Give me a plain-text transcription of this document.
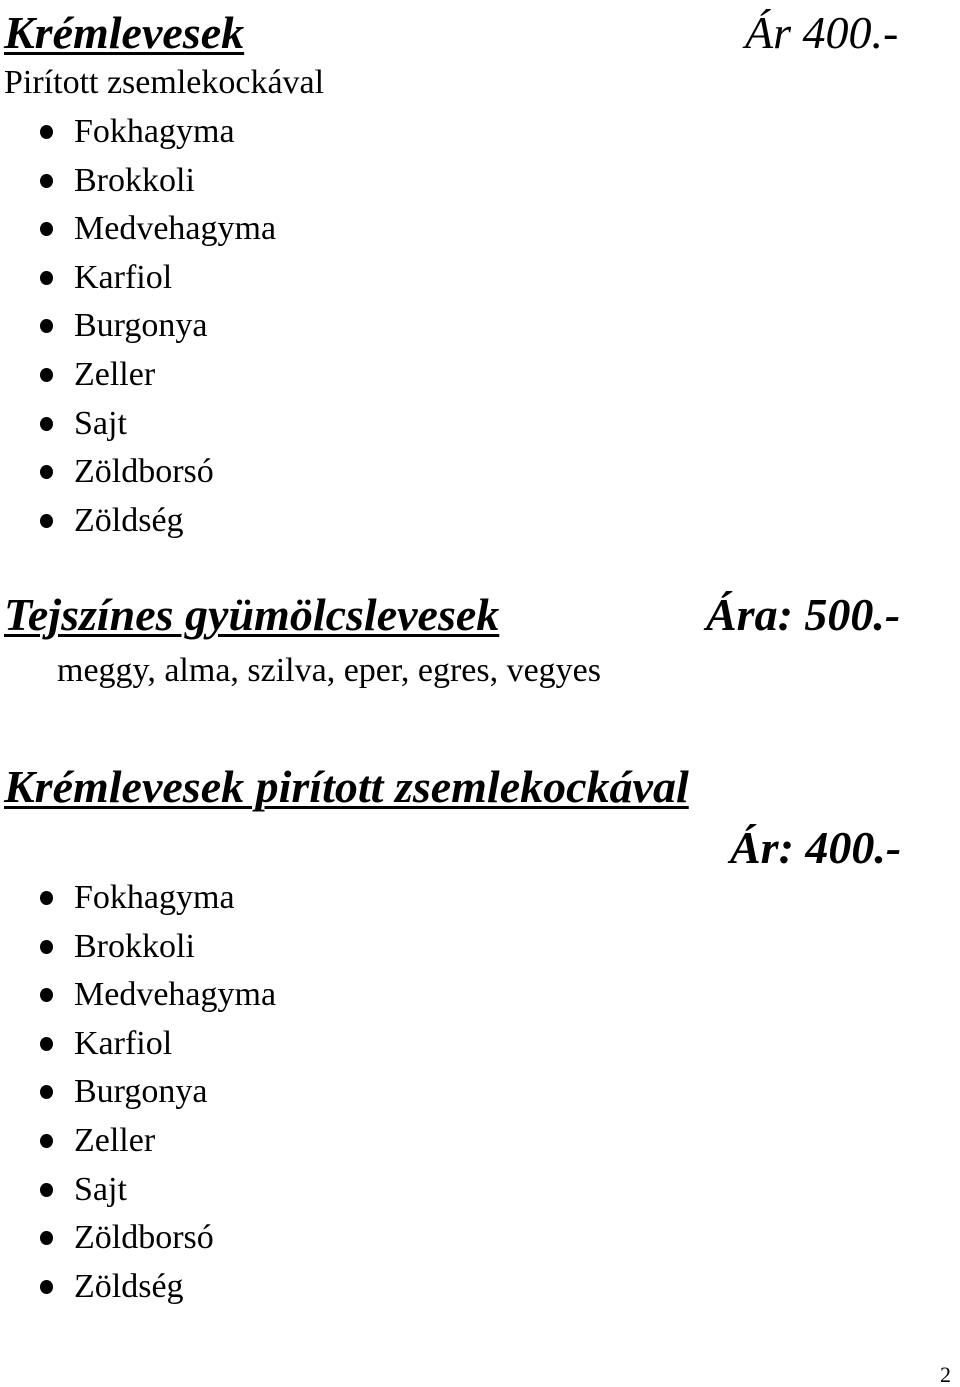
Krémlevesek	Ár 400.-
Pirított zsemlekockával
Fokhagyma
Brokkoli
Medvehagyma
Karfiol
Burgonya
Zeller
Sajt
Zöldborsó
Zöldség
Tejszínes gyümölcslevesek	Ára: 500.-
meggy, alma, szilva, eper, egres, vegyes
Krémlevesek pirított zsemlekockával
Ár: 400.-
Fokhagyma
Brokkoli
Medvehagyma
Karfiol
Burgonya
Zeller
Sajt
Zöldborsó
Zöldség
2
